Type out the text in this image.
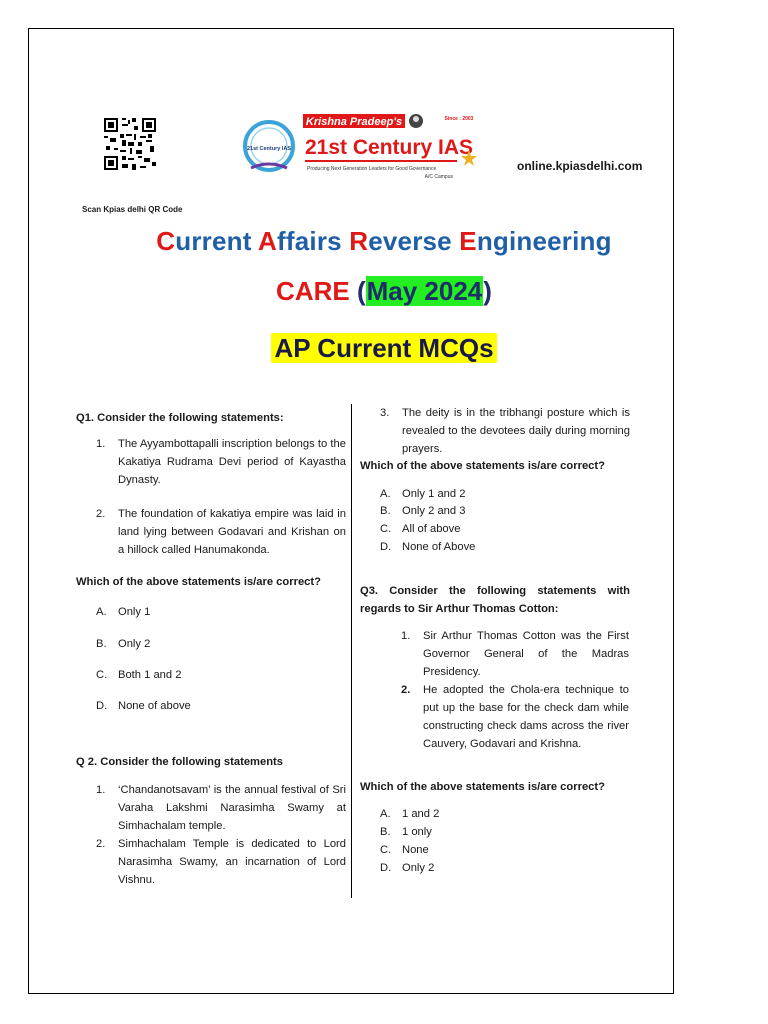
Scan Kpias delhi QR Code
21st Century IAS
Krishna Pradeep's	Since : 2003
21st Century IAS
Producing Next Generation Leaders for Good Governance
A/C Campus
online.kpiasdelhi.com
Current Affairs Reverse Engineering
CARE (May 2024)
AP Current MCQs
Q1. Consider the following statements:
1.	The Ayyambottapalli inscription belongs to the Kakatiya Rudrama Devi period of Kayastha Dynasty.
2.	The foundation of kakatiya empire was laid in land lying between Godavari and Krishan on a hillock called Hanumakonda.
Which of the above statements is/are correct?
A.	Only 1
B.	Only 2
C. Both 1 and 2
D. None of above
Q 2. Consider the following statements
1.	‘Chandanotsavam’ is the annual festival of Sri Varaha Lakshmi Narasimha Swamy at Simhachalam temple.
2.	Simhachalam Temple is dedicated to Lord Narasimha Swamy, an incarnation of Lord Vishnu.
3.	The deity is in the tribhangi posture which is revealed to the devotees daily during morning prayers.
Which of the above statements is/are correct?
A.	Only 1 and 2
B.	Only 2 and 3
C. All of above
D. None of Above
Q3. Consider the following statements with regards to Sir Arthur Thomas Cotton:
1.	Sir Arthur Thomas Cotton was the First Governor General of the Madras Presidency.
2.	He adopted the Chola-era technique to put up the base for the check dam while constructing check dams across the river Cauvery, Godavari and Krishna.
Which of the above statements is/are correct?
A.	1 and 2
B.	1 only
C. None
D. Only 2
